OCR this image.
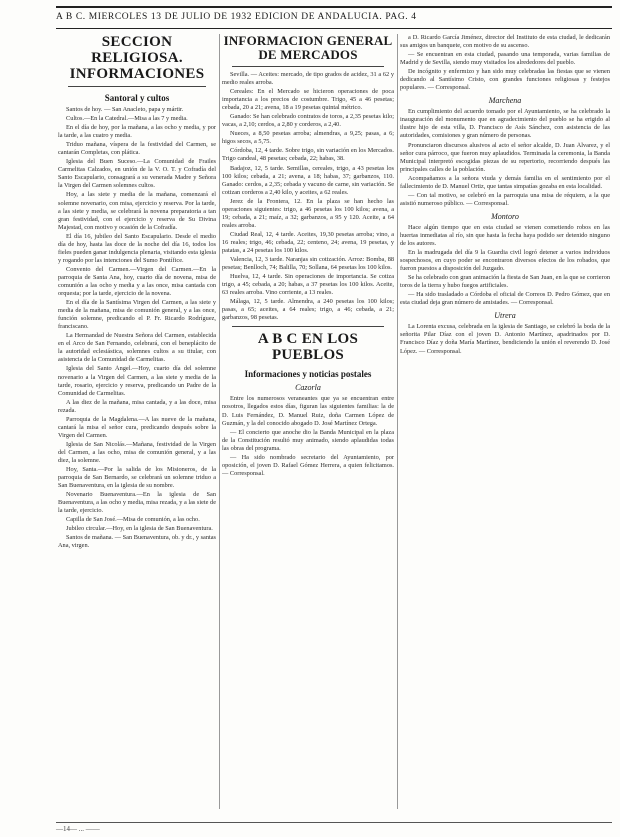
A B C. MIERCOLES 13 DE JULIO DE 1932 EDICION DE ANDALUCIA. PAG. 4
SECCION RELIGIOSA.
INFORMACIONES
Santoral y cultos
Santos de hoy. — San Anacleto, papa y mártir.
Cultos.—En la Catedral.—Misa a las 7 y media.
En el día de hoy, por la mañana, a las ocho y media, y por la tarde, a las cuatro y media.
Triduo mañana, víspera de la festividad del Carmen, se cantarán Completas, con plática.
Iglesia del Buen Suceso.—La Comunidad de Frailes Carmelitas Calzados, en unión de la V. O. T. y Cofradía del Santo Escapulario, consagrará a su venerada Madre y Señora la Virgen del Carmen solemnes cultos.
Hoy, a las siete y media de la mañana, comenzará el solemne novenario, con misa, ejercicio y reserva. Por la tarde, a las siete y media, se celebrará la novena preparatoria a tan gran festividad, con el ejercicio y reserva de Su Divina Majestad, con motivo y ocasión de la Cofradía.
El día 16, jubileo del Santo Escapulario. Desde el medio día de hoy, hasta las doce de la noche del día 16, todos los fieles pueden ganar indulgencia plenaria, visitando esta iglesia y rogando por las intenciones del Sumo Pontífice.
Convento del Carmen.—Virgen del Carmen.—En la parroquia de Santa Ana, hoy, cuarto día de novena, misa de comunión a las ocho y media y a las once, misa cantada con orquesta; por la tarde, ejercicio de la novena.
En el día de la Santísima Virgen del Carmen, a las siete y media de la mañana, misa de comunión general, y a las once, función solemne, predicando el P. Fr. Ricardo Rodríguez, franciscano.
La Hermandad de Nuestra Señora del Carmen, establecida en el Arco de San Fernando, celebrará, con el beneplácito de la autoridad eclesiástica, solemnes cultos a su titular, con asistencia de la Comunidad de Carmelitas.
Iglesia del Santo Ángel.—Hoy, cuarto día del solemne novenario a la Virgen del Carmen, a las siete y media de la tarde, rosario, ejercicio y reserva, predicando un Padre de la Comunidad de Carmelitas.
A las diez de la mañana, misa cantada, y a las doce, misa rezada.
Parroquia de la Magdalena.—A las nueve de la mañana, cantará la misa el señor cura, predicando después sobre la Virgen del Carmen.
Iglesia de San Nicolás.—Mañana, festividad de la Virgen del Carmen, a las ocho, misa de comunión general, y a las diez, la solemne.
Hoy, Santa.—Por la salida de los Misioneros, de la parroquia de San Bernardo, se celebrará un solemne triduo a San Buenaventura, en la iglesia de su nombre.
Novenario Buenaventura.—En la iglesia de San Buenaventura, a las ocho y media, misa rezada, y a las siete de la tarde, ejercicio.
Capilla de San José.—Misa de comunión, a las ocho.
Jubileo circular.—Hoy, en la iglesia de San Buenaventura.
Santos de mañana. — San Buenaventura, ob. y dr., y santas Ana, virgen.
INFORMACION GENERAL
DE MERCADOS
Sevilla. — Aceites: mercado, de tipo grados de acidez, 31 a 62 y medio reales arroba.
Cereales: En el Mercado se hicieron operaciones de poca importancia a los precios de costumbre. Trigo, 45 a 46 pesetas; cebada, 20 a 21; avena, 18 a 19 pesetas quintal métrico.
Ganado: Se han celebrado contratos de toros, a 2,35 pesetas kilo; vacas, a 2,10; cerdos, a 2,80 y corderos, a 2,40.
Nueces, a 8,50 pesetas arroba; almendras, a 9,25; pasas, a 6; higos secos, a 5,75.
Córdoba, 12, 4 tarde. Sobre trigo, sin variación en los Mercados. Trigo candeal, 48 pesetas; cebada, 22; habas, 38.
Badajoz, 12, 5 tarde. Semillas, cereales, trigo, a 43 pesetas los 100 kilos; cebada, a 21; avena, a 18; habas, 37; garbanzos, 110. Ganado: cerdos, a 2,35; cebada y vacuno de carne, sin variación. Se cotizan corderos a 2,40 kilo, y aceites, a 62 reales.
Jerez de la Frontera, 12. En la plaza se han hecho las operaciones siguientes: trigo, a 46 pesetas los 100 kilos; avena, a 19; cebada, a 21; maíz, a 32; garbanzos, a 95 y 120. Aceite, a 64 reales arroba.
Ciudad Real, 12, 4 tarde. Aceites, 19,30 pesetas arroba; vino, a 16 reales; trigo, 46; cebada, 22; centeno, 24; avena, 19 pesetas, y patatas, a 24 pesetas los 100 kilos.
Valencia, 12, 3 tarde. Naranjas sin cotización. Arroz: Bomba, 88 pesetas; Benlloch, 74; Balilla, 70; Sollana, 64 pesetas los 100 kilos.
Huelva, 12, 4 tarde. Sin operaciones de importancia. Se cotiza trigo, a 45; cebada, a 20; habas, a 37 pesetas los 100 kilos. Aceite, 63 reales arroba. Vino corriente, a 13 reales.
Málaga, 12, 5 tarde. Almendra, a 240 pesetas los 100 kilos; pasas, a 65; aceites, a 64 reales; trigo, a 46; cebada, a 21; garbanzos, 98 pesetas.
A B C EN LOS PUEBLOS
Informaciones y noticias postales
Cazorla
Entre los numerosos veraneantes que ya se encuentran entre nosotros, llegados estos días, figuran las siguientes familias: la de D. Luis Fernández, D. Manuel Ruiz, doña Carmen López de Guzmán, y la del conocido abogado D. José Martínez Ortega.
— El concierto que anoche dio la Banda Municipal en la plaza de la Constitución resultó muy animado, siendo aplaudidas todas las obras del programa.
— Ha sido nombrado secretario del Ayuntamiento, por oposición, el joven D. Rafael Gómez Herrera, a quien felicitamos. — Corresponsal.
a D. Ricardo García Jiménez, director del Instituto de esta ciudad, le dedicarán sus amigos un banquete, con motivo de su ascenso.
— Se encuentran en esta ciudad, pasando una temporada, varias familias de Madrid y de Sevilla, siendo muy visitados los alrededores del pueblo.
De incógnito y enfermizo y han sido muy celebradas las fiestas que se vienen dedicando al Santísimo Cristo, con grandes funciones religiosas y festejos populares. — Corresponsal.
Marchena
En cumplimiento del acuerdo tomado por el Ayuntamiento, se ha celebrado la inauguración del monumento que en agradecimiento del pueblo se ha erigido al ilustre hijo de esta villa, D. Francisco de Asís Sánchez, con asistencia de las autoridades, comisiones y gran número de personas.
Pronunciaron discursos alusivos al acto el señor alcalde, D. Juan Álvarez, y el señor cura párroco, que fueron muy aplaudidos. Terminada la ceremonia, la Banda Municipal interpretó escogidas piezas de su repertorio, recorriendo después las principales calles de la población.
Acompañamos a la señora viuda y demás familia en el sentimiento por el fallecimiento de D. Manuel Ortiz, que tantas simpatías gozaba en esta localidad.
— Con tal motivo, se celebró en la parroquia una misa de réquiem, a la que asistió numeroso público. — Corresponsal.
Montoro
Hace algún tiempo que en esta ciudad se vienen cometiendo robos en las huertas inmediatas al río, sin que hasta la fecha haya podido ser detenido ninguno de los autores.
En la madrugada del día 9 la Guardia civil logró detener a varios individuos sospechosos, en cuyo poder se encontraron diversos efectos de los robados, que fueron puestos a disposición del Juzgado.
Se ha celebrado con gran animación la fiesta de San Juan, en la que se corrieron toros de la tierra y hubo fuegos artificiales.
— Ha sido trasladado a Córdoba el oficial de Correos D. Pedro Gómez, que en esta ciudad deja gran número de amistades. — Corresponsal.
Utrera
La Lorenta excusa, celebrada en la iglesia de Santiago, se celebró la boda de la señorita Pilar Díaz con el joven D. Antonio Martínez, apadrinados por D. Francisco Díaz y doña María Martínez, bendiciendo la unión el reverendo D. José López. — Corresponsal.
—14— ... ——
